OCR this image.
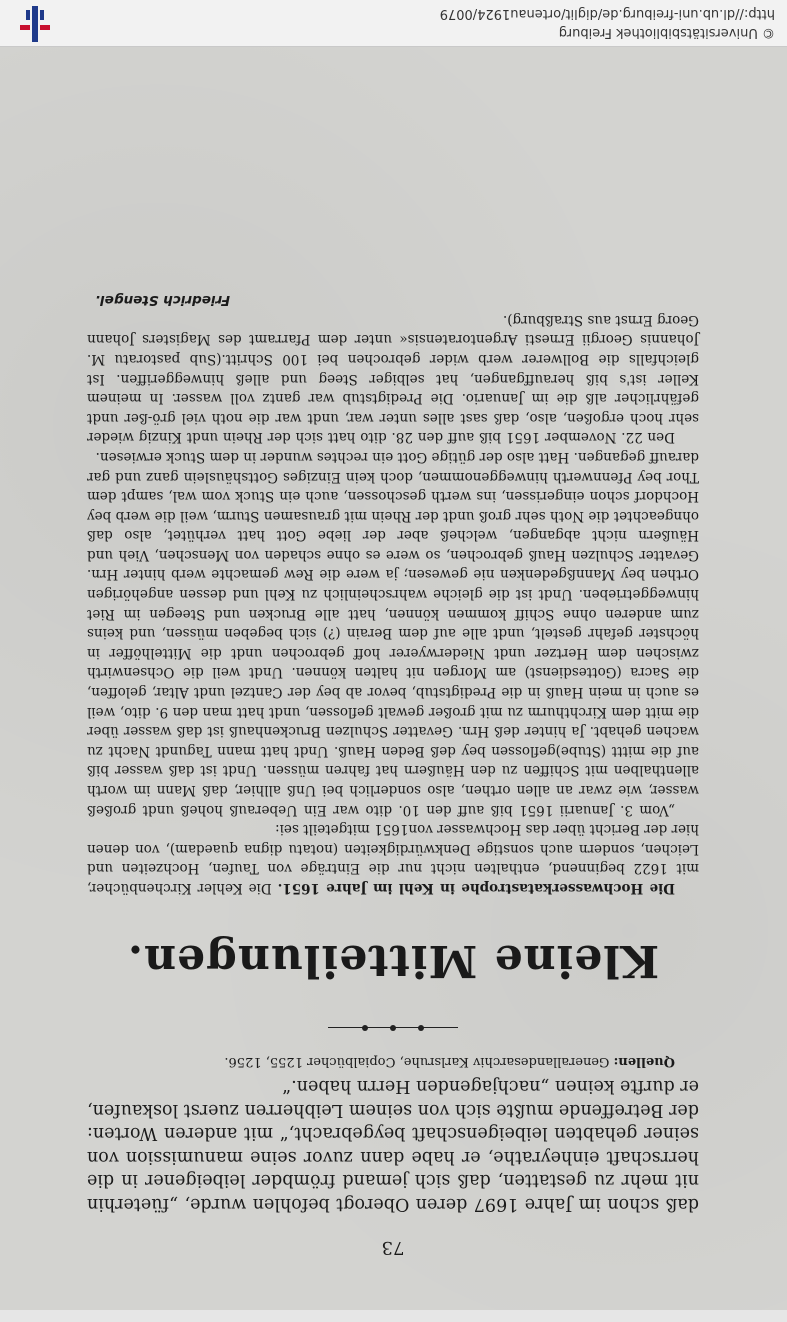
73

daß schon im Jahre 1697 deren Oberogt befohlen wurde, „füeterhin nit mehr zu gestatten, daß sich jemand frömbder leibeigener in die herrschaft einheyrathe, er habe dann zuvor seine manumission von seiner gehabten leibeigenschaft beygebracht,“ mit anderen Worten: der Betreffende mußte sich von seinem Leibherren zuerst loskaufen, er durfte keinen „nachjagenden Herrn haben.“

Quellen: Generallandesarchiv Karlsruhe, Copialbücher 1255, 1256.
Kleine Mitteilungen.

Die Hochwasserkatastrophe in Kehl im Jahre 1651. Die Kehler Kirchenbücher, mit 1622 beginnend, enthalten nicht nur die Einträge von Taufen, Hochzeiten und Leichen, sondern auch sonstige Denkwürdigkeiten (notatu digna quaedam), von denen hier der Bericht über das Hochwasser von1651 mitgeteilt sei:

„Vom 3. Januarii 1651 biß auff den 10. dito war Ein Ueberauß hoheß undt großeß wasser, wie zwar an allen orthen, also sonderlich bei Unß allhier, daß Mann im worth allenthalben mit Schiffen zu den Häußern hat fahren müssen. Undt ist daß wasser biß auf die mittt (Stube)geflossen bey deß Beden Hauß. Undt hatt mann Tagundt Nacht zu wachen gehabt. Ja hinter deß Hrn. Gevatter Schulzen Bruckenhauß ist daß wasser über die mitt dem Kirchthurm zu mit großer gewalt geflossen, undt hatt man den 9. dito, weil es auch in mein Hauß in die Predigtstub, bevor ab bey der Cantzel undt Altar, geloffen, die Sacra (Gottesdienst) am Morgen nit halten können. Undt weil die Ochsenwirth zwischen dem Hertzer undt Niederwyerer hoff gebrochen undt die Mittelhöffer in höchster gefahr gestelt, undt alle auf dem Berain (?) sich begeben müssen, und keins zum anderen ohne Schiff kommen können, hatt alle Brucken und Steegen im Riet hinweggetrieben. Undt ist die gleiche wahrscheinlich zu Kehl und dessen angehörigen Orthen bey Mannßgedenken nie gewesen; ja were die Rew gemachte werb hinter Hrn. Gevatter Schulzen Hauß gebrochen, so were es ohne schaden von Menschen, Vieh und Häußern nicht abgangen, welcheß aber der liebe Gott hatt verhütet, also daß ohngeachtet die Noth sehr groß undt der Rhein mit grausamen Sturm, weil die werb bey Hochdorf schon eingerissen, ins werth geschossen, auch ein Stuck vom wal, sampt dem Thor bey Pfennwerth hinweggenommen, doch kein Einziges Gottshäuslein ganz und gar darauff gegangen. Hatt also der gütige Gott ein rechtes wunder in dem Stuck erwiesen.

Den 22. November 1651 biß auff den 28. dito hatt sich der Rhein undt Kinzig wieder sehr hoch ergoßen, also, daß sast alles unter war, undt war die noth viel grö-ßer undt gefährlicher alß die im Januario. Die Predigtstub war gantz voll wasser. In meinem Keller ist's biß herauffgangen, hat selbiger Steeg und alleß hinweggeriffen. Ist gleichfalls die Bollwerer werb wider gebrochen bei 100 Schritt.(Sub pastoratu M. Johannis Georgii Ernesti Argentoratensis« unter dem Pfarramt des Magisters Johann Georg Ernst aus Straßburg).

Friedrich Stengel.
© Universitätsbibliothek Freiburg
http://dl.ub.uni-freiburg.de/diglit/ortenau1924/0079
